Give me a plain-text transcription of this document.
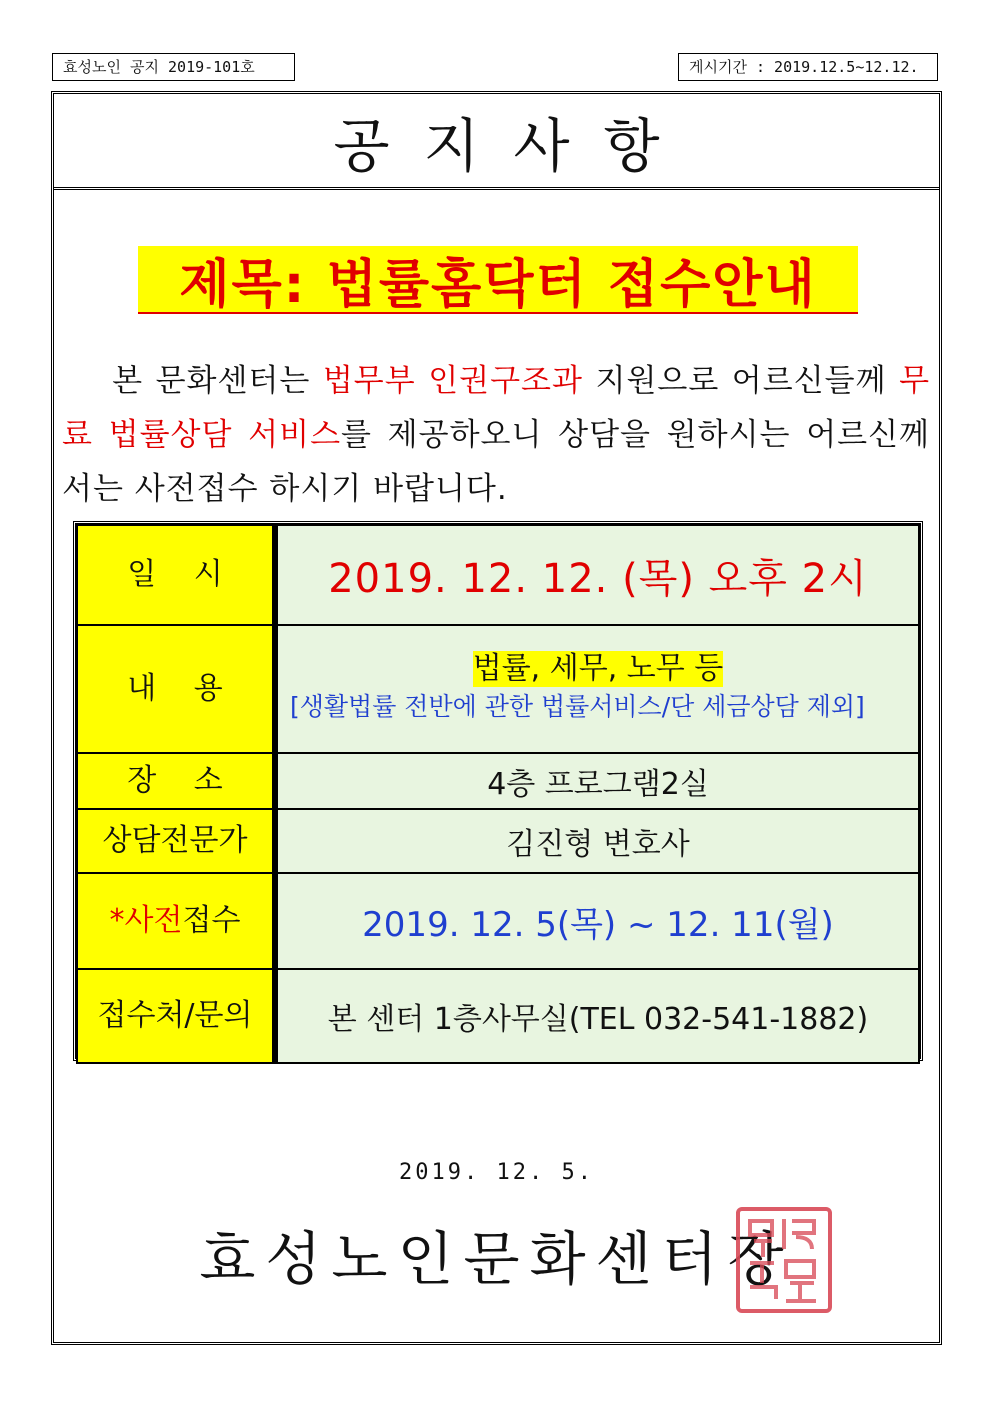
효성노인 공지 2019-101호	게시기간 : 2019.12.5~12.12.
공지사항
제목: 법률홈닥터 접수안내
본 문화센터는 법무부 인권구조과 지원으로 어르신들께 무료 법률상담 서비스를 제공하오니 상담을 원하시는 어르신께서는 사전접수 하시기 바랍니다.
일 시	2019. 12. 12. (목) 오후 2시
내 용	법률, 세무, 노무 등
[생활법률 전반에 관한 법률서비스/단 세금상담 제외]

장 소	4층 프로그램2실
상담전문가	김진형 변호사
*사전접수	2019. 12. 5(목) ~ 12. 11(월)
접수처/문의	본 센터 1층사무실(TEL 032-541-1882)
2019. 12. 5.
효성노인문화센터장
